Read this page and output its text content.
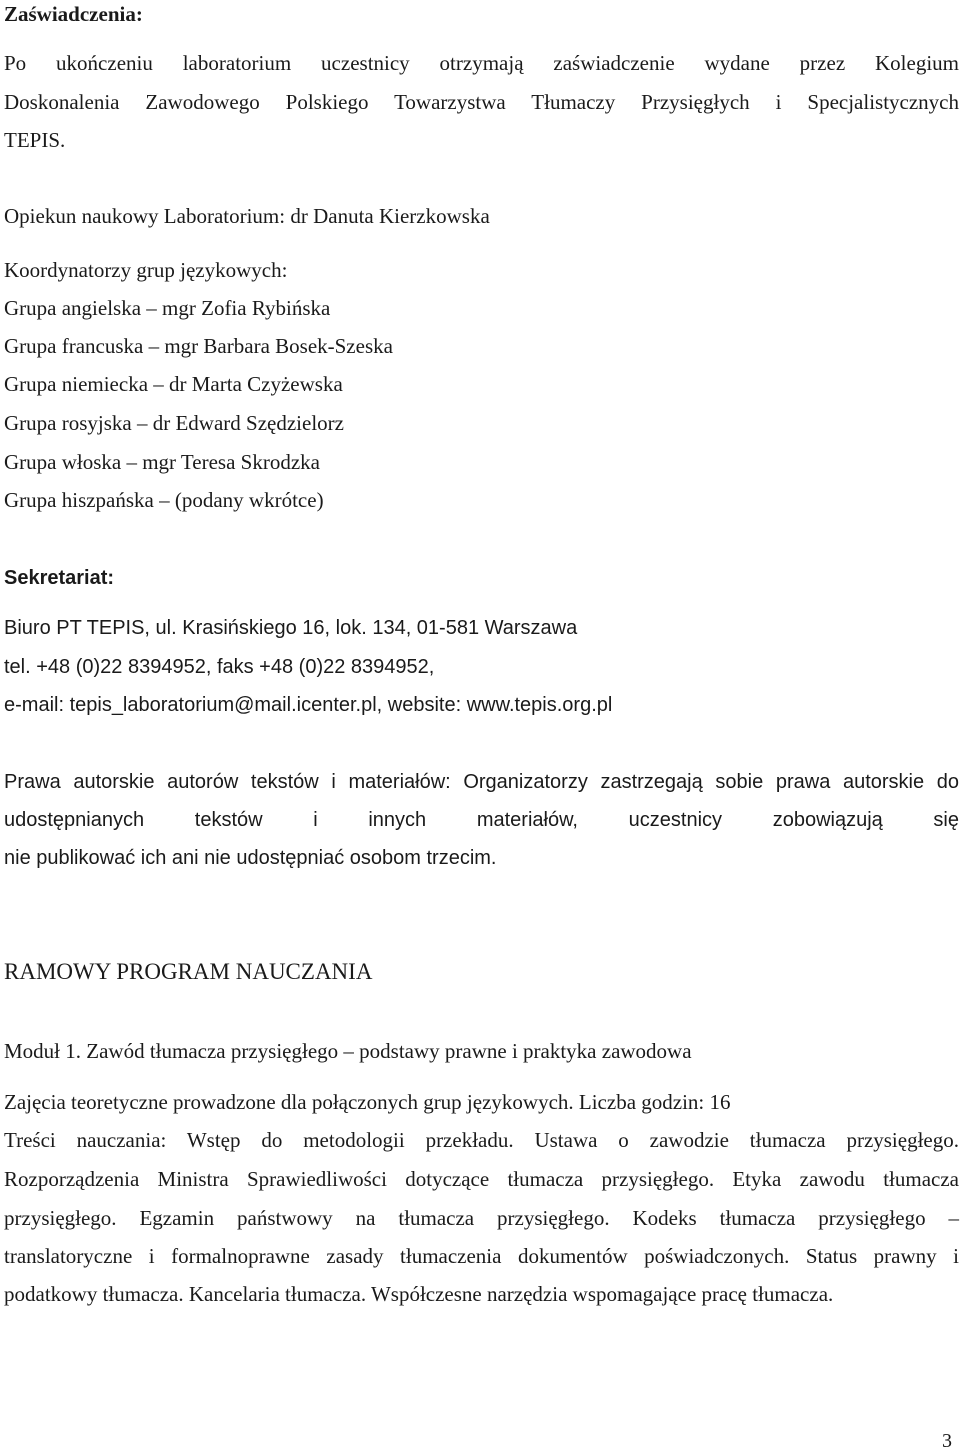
Zaświadczenia:
Po ukończeniu laboratorium uczestnicy otrzymają zaświadczenie wydane przez Kolegium
Doskonalenia Zawodowego Polskiego Towarzystwa Tłumaczy Przysięgłych i Specjalistycznych
TEPIS.
Opiekun naukowy Laboratorium: dr Danuta Kierzkowska
Koordynatorzy grup językowych:
Grupa angielska – mgr Zofia Rybińska
Grupa francuska – mgr Barbara Bosek-Szeska
Grupa niemiecka – dr Marta Czyżewska
Grupa rosyjska – dr Edward Szędzielorz
Grupa włoska – mgr Teresa Skrodzka
Grupa hiszpańska – (podany wkrótce)
Sekretariat:
Biuro PT TEPIS, ul. Krasińskiego 16, lok. 134, 01-581 Warszawa
tel. +48 (0)22 8394952, faks +48 (0)22 8394952,
e-mail: tepis_laboratorium@mail.icenter.pl, website: www.tepis.org.pl
Prawa autorskie autorów tekstów i materiałów: Organizatorzy zastrzegają sobie prawa autorskie do
udostępnianych tekstów i innych materiałów, uczestnicy zobowiązują się
nie publikować ich ani nie udostępniać osobom trzecim.
RAMOWY PROGRAM NAUCZANIA
Moduł 1. Zawód tłumacza przysięgłego – podstawy prawne i praktyka zawodowa
Zajęcia teoretyczne prowadzone dla połączonych grup językowych. Liczba godzin: 16
Treści nauczania: Wstęp do metodologii przekładu. Ustawa o zawodzie tłumacza przysięgłego.
Rozporządzenia Ministra Sprawiedliwości dotyczące tłumacza przysięgłego. Etyka zawodu tłumacza
przysięgłego. Egzamin państwowy na tłumacza przysięgłego. Kodeks tłumacza przysięgłego –
translatoryczne i formalnoprawne zasady tłumaczenia dokumentów poświadczonych. Status prawny i
podatkowy tłumacza. Kancelaria tłumacza. Współczesne narzędzia wspomagające pracę tłumacza.
3
